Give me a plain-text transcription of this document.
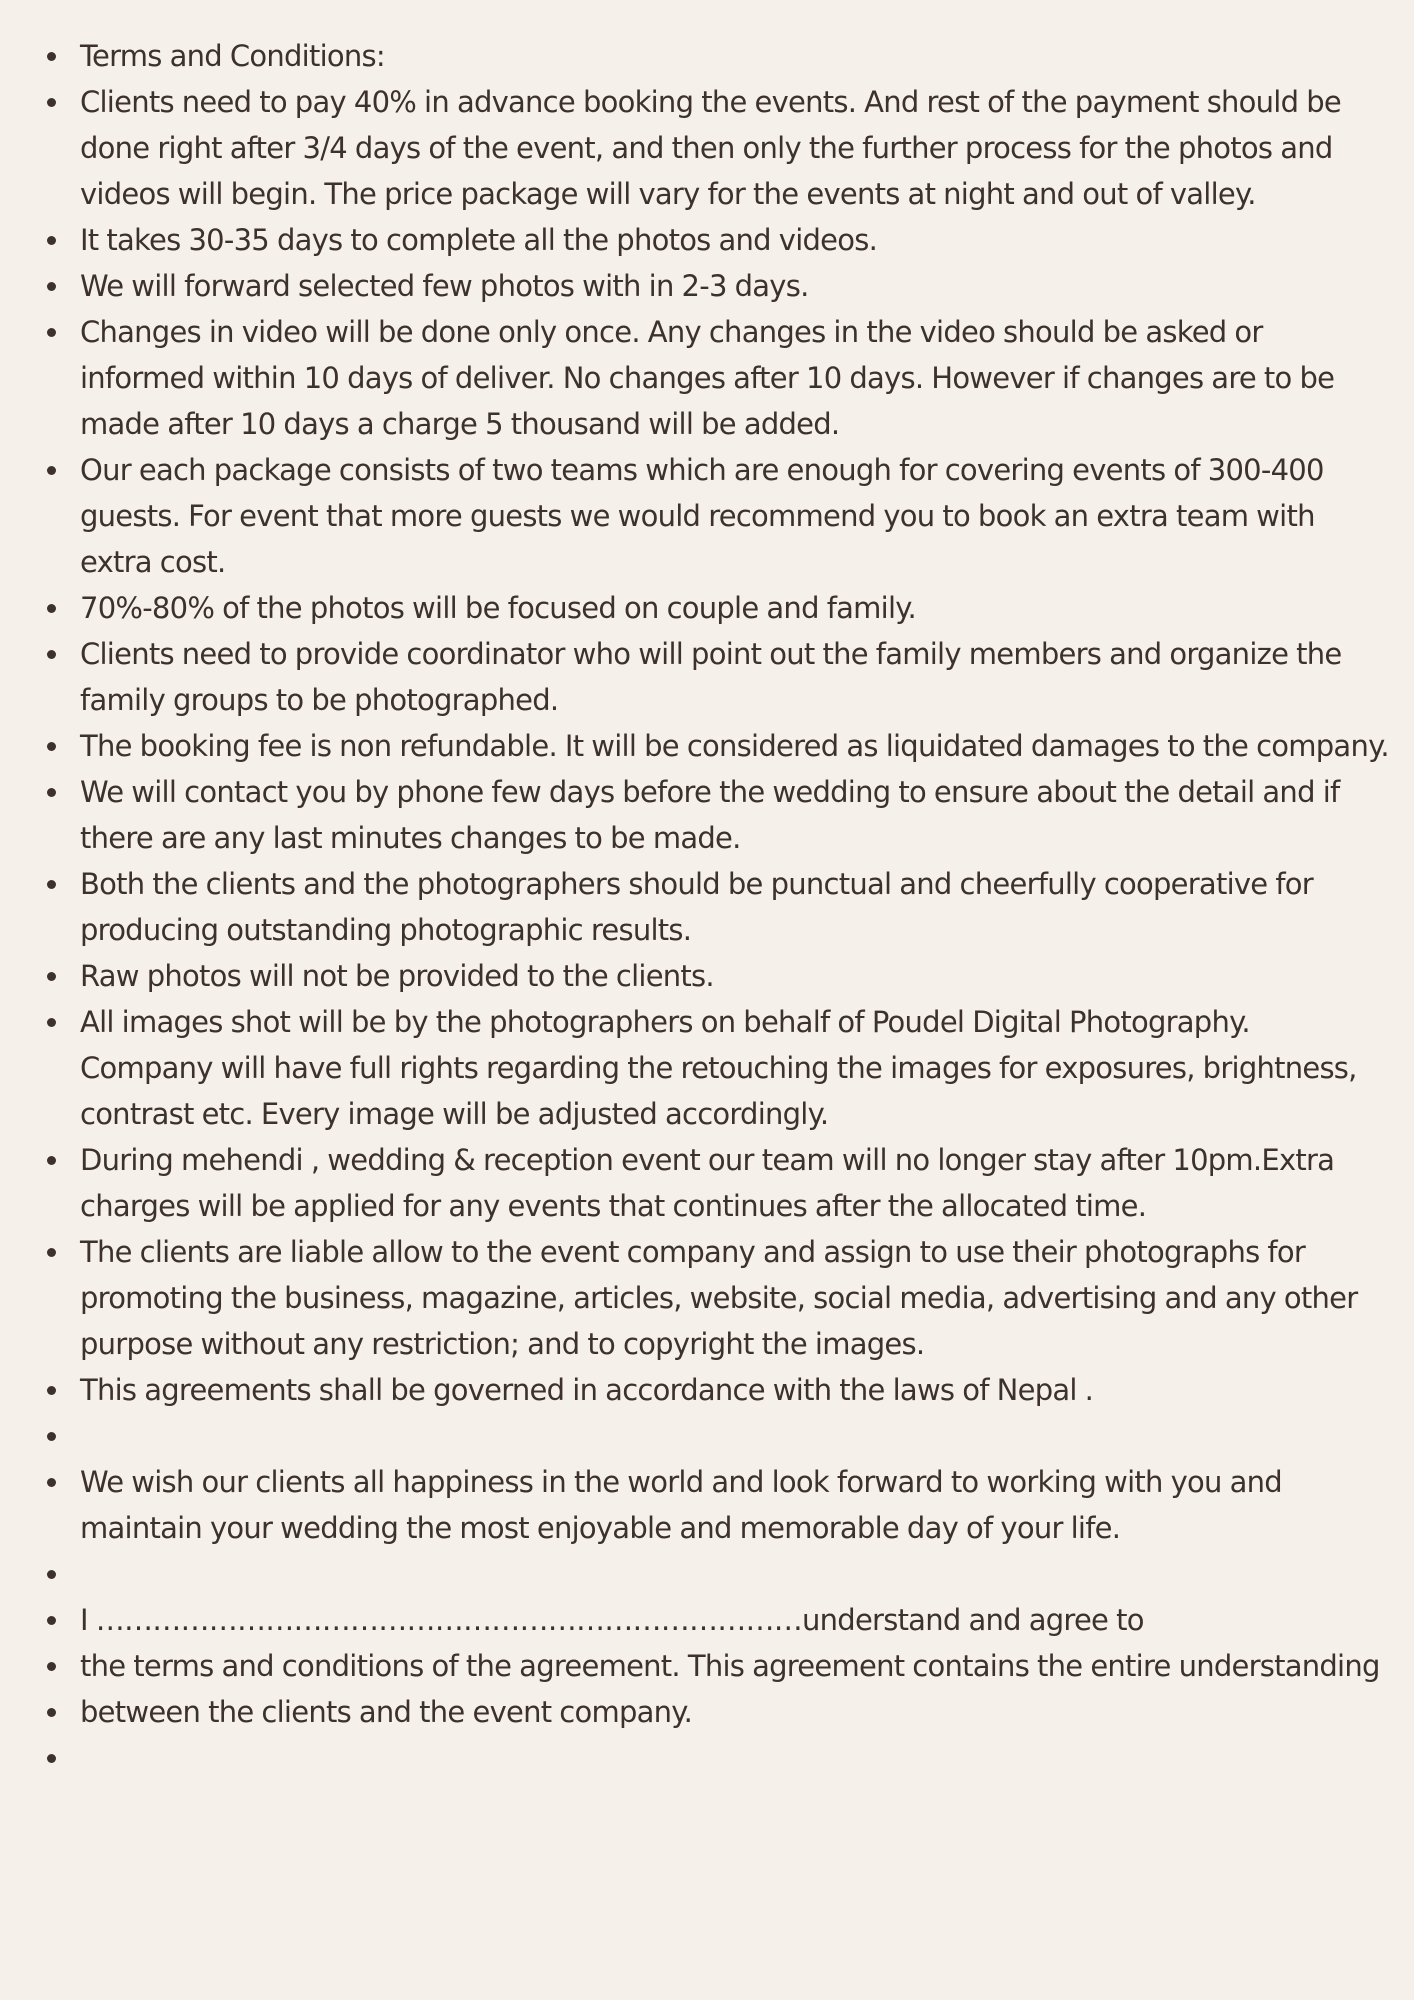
Terms and Conditions:
Clients need to pay 40% in advance booking the events. And rest of the payment should be done right after 3/4 days of the event, and then only the further process for the photos and videos will begin. The price package will vary for the events at night and out of valley.
It takes 30-35 days to complete all the photos and videos.
We will forward selected few photos with in 2-3 days.
Changes in video will be done only once. Any changes in the video should be asked or informed within 10 days of deliver. No changes after 10 days. However if changes are to be made after 10 days a charge 5 thousand will be added.
Our each package consists of two teams which are enough for covering events of 300-400 guests. For event that more guests we would recommend you to book an extra team with extra cost.
70%-80% of the photos will be focused on couple and family.
Clients need to provide coordinator who will point out the family members and organize the family groups to be photographed.
The booking fee is non refundable. It will be considered as liquidated damages to the company.
We will contact you by phone few days before the wedding to ensure about the detail and if there are any last minutes changes to be made.
Both the clients and the photographers should be punctual and cheerfully cooperative for producing outstanding photographic results.
Raw photos will not be provided to the clients.
All images shot will be by the photographers on behalf of Poudel Digital Photography. Company will have full rights regarding the retouching the images for exposures, brightness, contrast etc. Every image will be adjusted accordingly.
During mehendi , wedding & reception event our team will no longer stay after 10pm.Extra charges will be applied for any events that continues after the allocated time.
The clients are liable allow to the event company and assign to use their photographs for promoting the business, magazine, articles, website, social media, advertising and any other purpose without any restriction; and to copyright the images.
This agreements shall be governed in accordance with the laws of Nepal .
We wish our clients all happiness in the world and look forward to working with you and maintain your wedding the most enjoyable and memorable day of your life.
I …………………………………………………………………understand and agree to
the terms and conditions of the agreement. This agreement contains the entire understanding
between the clients and the event company.
